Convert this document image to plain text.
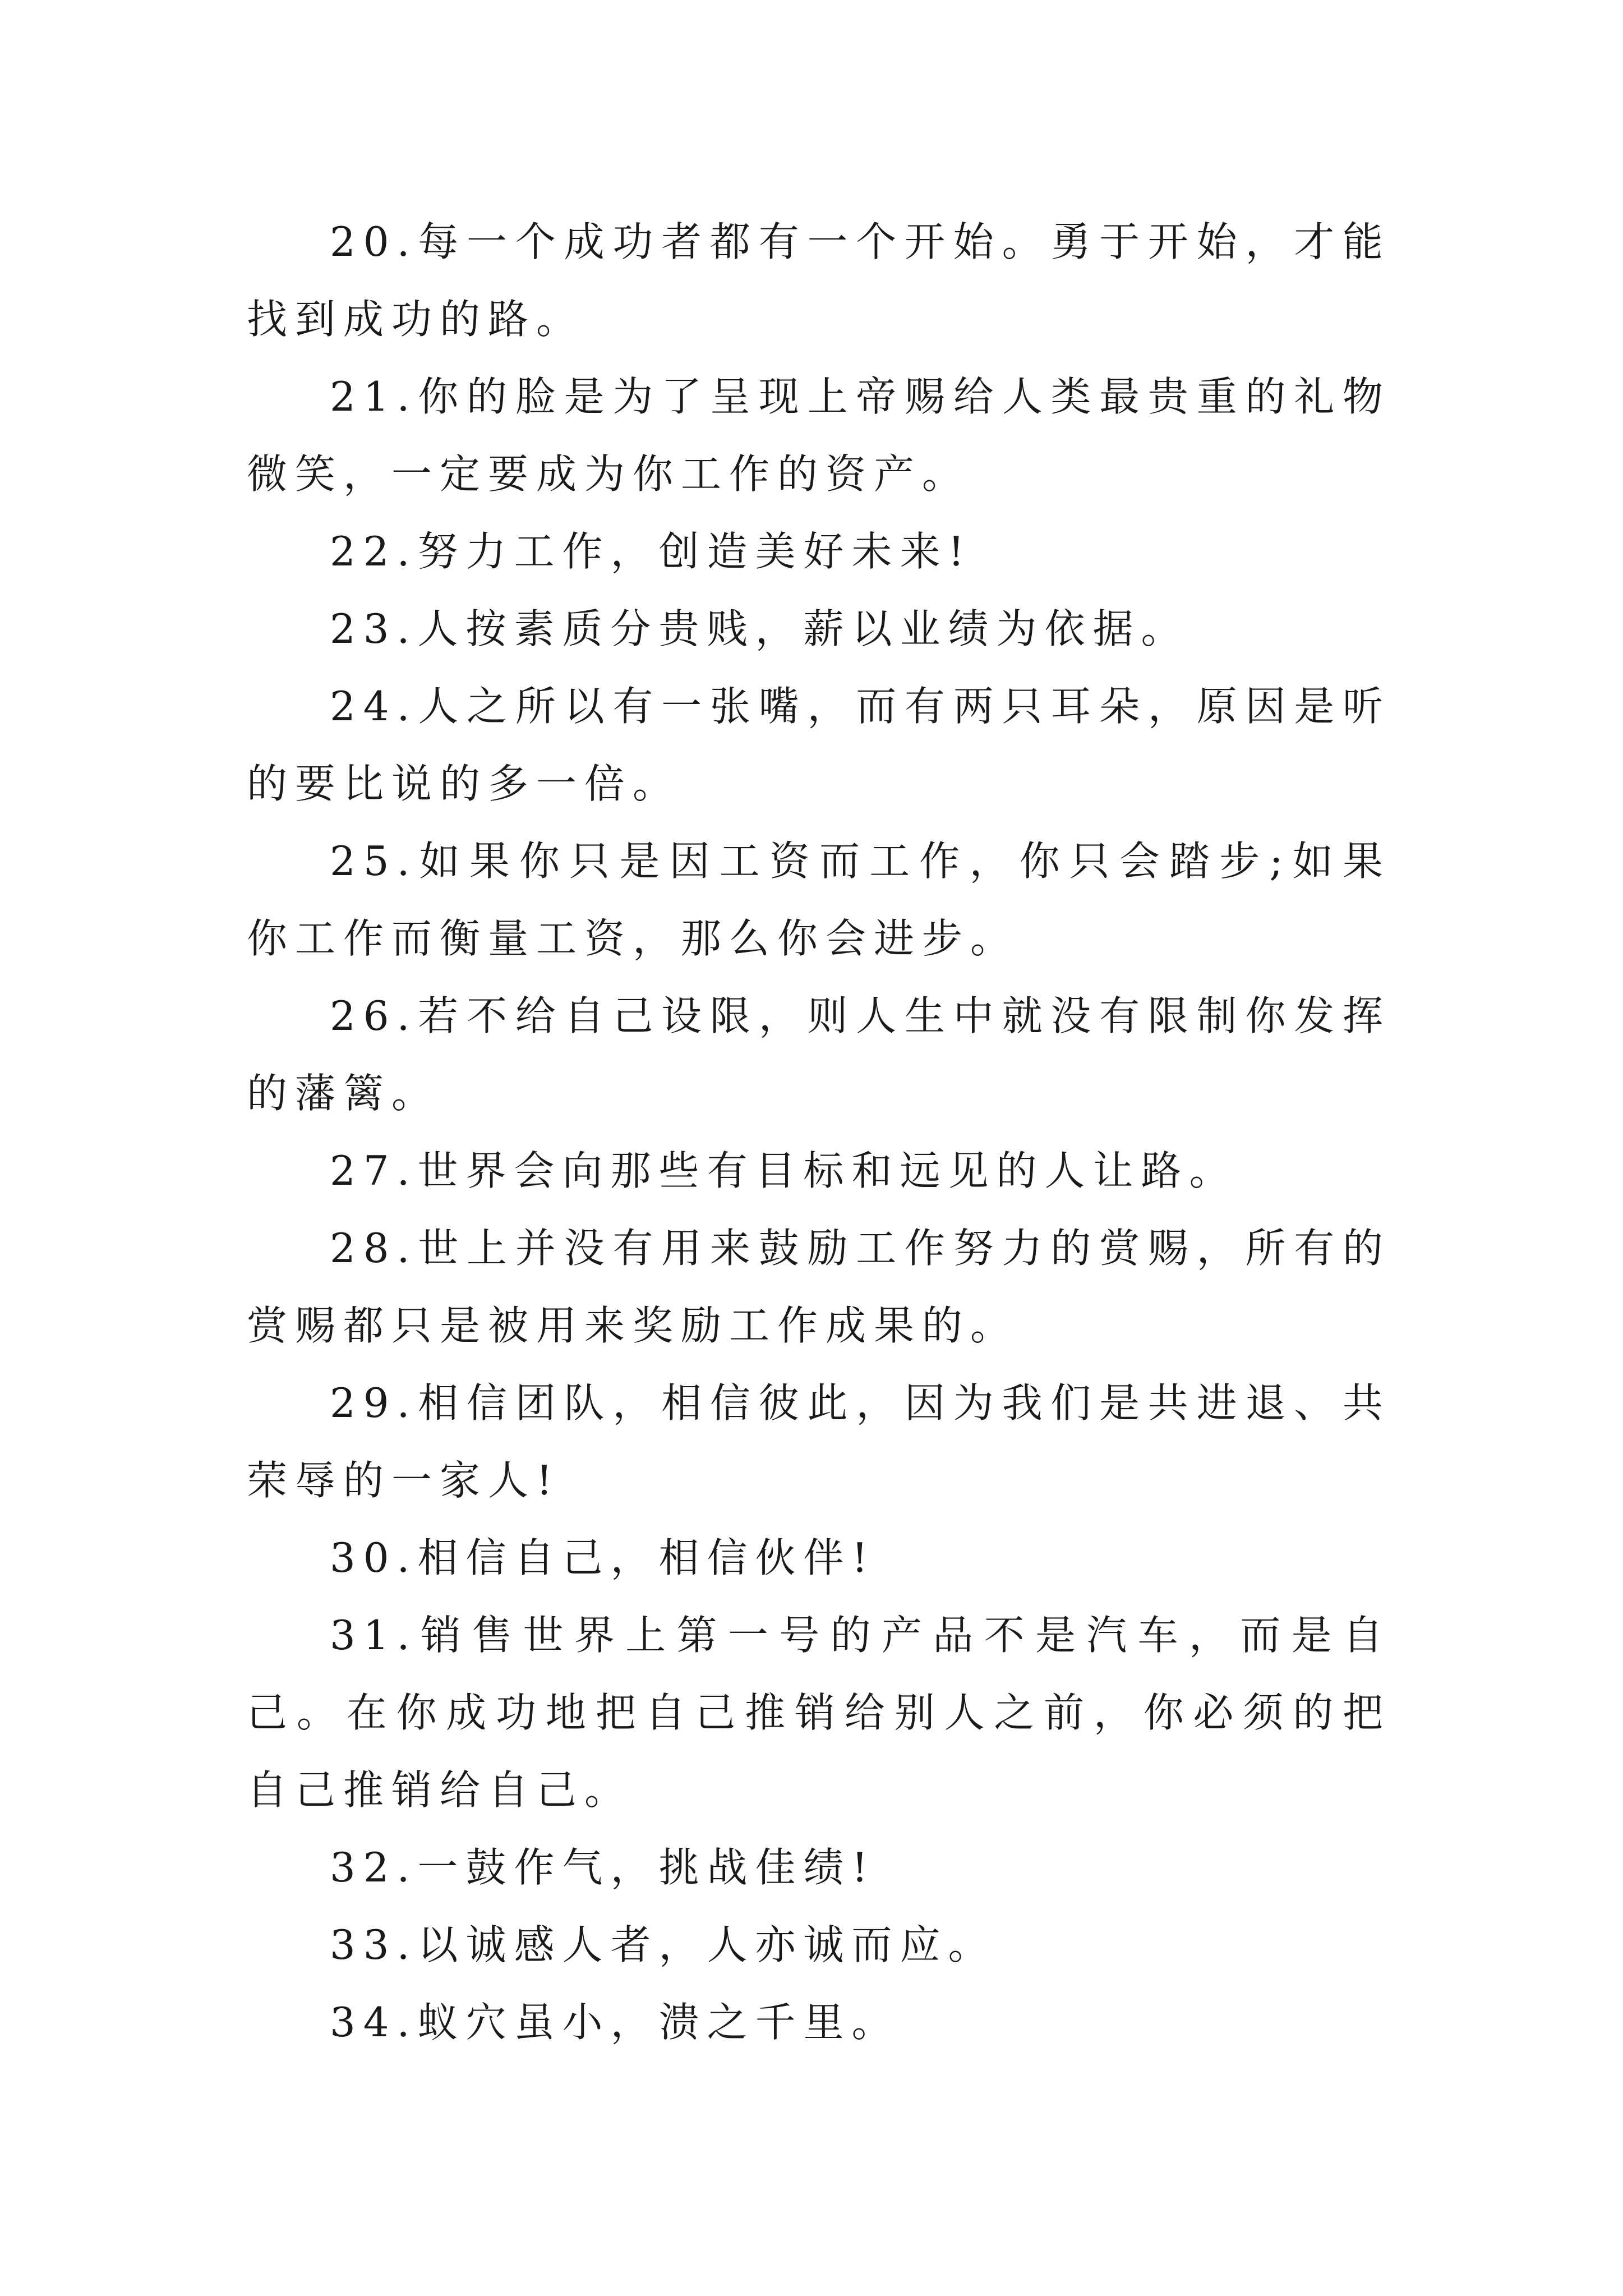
20.每一个成功者都有一个开始。勇于开始，才能找到成功的路。

21.你的脸是为了呈现上帝赐给人类最贵重的礼物微笑，一定要成为你工作的资产。

22.努力工作，创造美好未来!

23.人按素质分贵贱，薪以业绩为依据。

24.人之所以有一张嘴，而有两只耳朵，原因是听的要比说的多一倍。

25.如果你只是因工资而工作，你只会踏步;如果你工作而衡量工资，那么你会进步。

26.若不给自己设限，则人生中就没有限制你发挥的藩篱。

27.世界会向那些有目标和远见的人让路。

28.世上并没有用来鼓励工作努力的赏赐，所有的赏赐都只是被用来奖励工作成果的。

29.相信团队，相信彼此，因为我们是共进退、共荣辱的一家人!

30.相信自己，相信伙伴!

31.销售世界上第一号的产品不是汽车，而是自己。在你成功地把自己推销给别人之前，你必须的把自己推销给自己。

32.一鼓作气，挑战佳绩!

33.以诚感人者，人亦诚而应。

34.蚁穴虽小，溃之千里。
